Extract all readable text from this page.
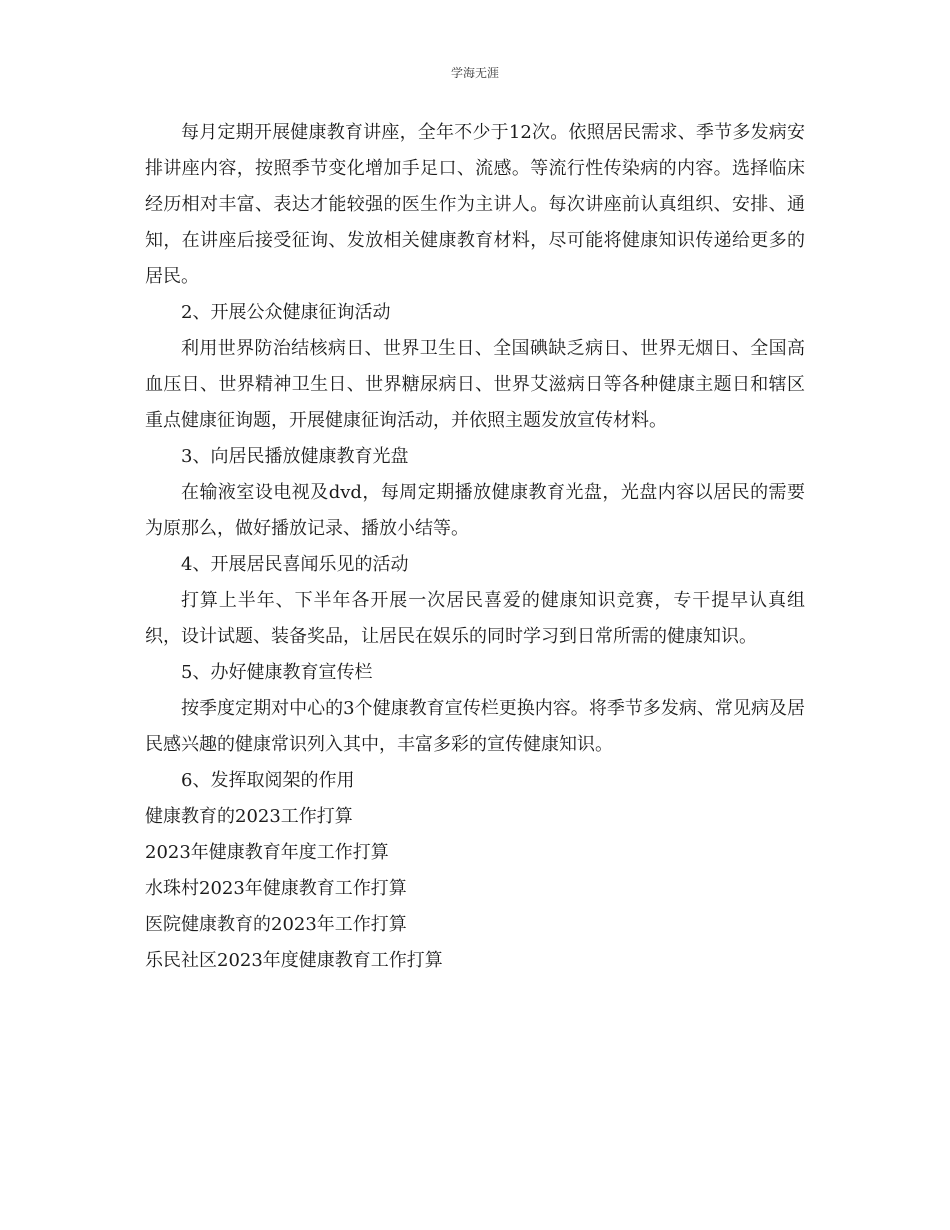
学海无涯

每月定期开展健康教育讲座，全年不少于12次。依照居民需求、季节多发病安排讲座内容，按照季节变化增加手足口、流感。等流行性传染病的内容。选择临床经历相对丰富、表达才能较强的医生作为主讲人。每次讲座前认真组织、安排、通知，在讲座后接受征询、发放相关健康教育材料，尽可能将健康知识传递给更多的居民。

2、开展公众健康征询活动

利用世界防治结核病日、世界卫生日、全国碘缺乏病日、世界无烟日、全国高血压日、世界精神卫生日、世界糖尿病日、世界艾滋病日等各种健康主题日和辖区重点健康征询题，开展健康征询活动，并依照主题发放宣传材料。

3、向居民播放健康教育光盘

在输液室设电视及dvd，每周定期播放健康教育光盘，光盘内容以居民的需要为原那么，做好播放记录、播放小结等。

4、开展居民喜闻乐见的活动

打算上半年、下半年各开展一次居民喜爱的健康知识竞赛，专干提早认真组织，设计试题、装备奖品，让居民在娱乐的同时学习到日常所需的健康知识。

5、办好健康教育宣传栏

按季度定期对中心的3个健康教育宣传栏更换内容。将季节多发病、常见病及居民感兴趣的健康常识列入其中，丰富多彩的宣传健康知识。

6、发挥取阅架的作用

健康教育的2023工作打算

2023年健康教育年度工作打算

水珠村2023年健康教育工作打算

医院健康教育的2023年工作打算

乐民社区2023年度健康教育工作打算
